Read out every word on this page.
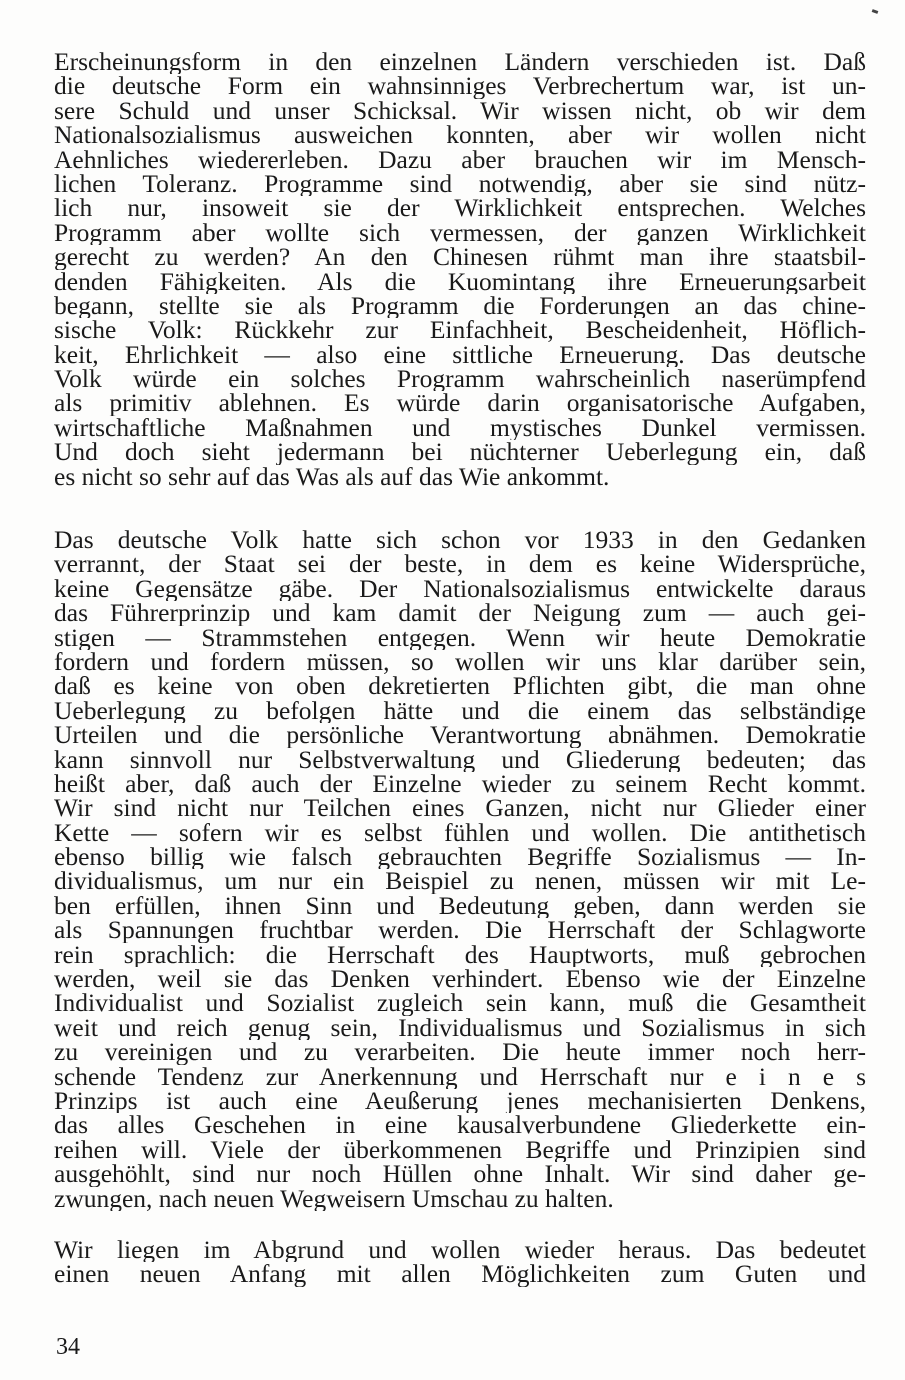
Erscheinungsform in den einzelnen Ländern verschieden ist. Daß
die deutsche Form ein wahnsinniges Verbrechertum war, ist un-
sere Schuld und unser Schicksal. Wir wissen nicht, ob wir dem
Nationalsozialismus ausweichen konnten, aber wir wollen nicht
Aehnliches wiedererleben. Dazu aber brauchen wir im Mensch-
lichen Toleranz. Programme sind notwendig, aber sie sind nütz-
lich nur, insoweit sie der Wirklichkeit entsprechen. Welches
Programm aber wollte sich vermessen, der ganzen Wirklichkeit
gerecht zu werden? An den Chinesen rühmt man ihre staatsbil-
denden Fähigkeiten. Als die Kuomintang ihre Erneuerungsarbeit
begann, stellte sie als Programm die Forderungen an das chine-
sische Volk: Rückkehr zur Einfachheit, Bescheidenheit, Höflich-
keit, Ehrlichkeit — also eine sittliche Erneuerung. Das deutsche
Volk würde ein solches Programm wahrscheinlich naserümpfend
als primitiv ablehnen. Es würde darin organisatorische Aufgaben,
wirtschaftliche Maßnahmen und mystisches Dunkel vermissen.
Und doch sieht jedermann bei nüchterner Ueberlegung ein, daß
es nicht so sehr auf das Was als auf das Wie ankommt.
Das deutsche Volk hatte sich schon vor 1933 in den Gedanken
verrannt, der Staat sei der beste, in dem es keine Widersprüche,
keine Gegensätze gäbe. Der Nationalsozialismus entwickelte daraus
das Führerprinzip und kam damit der Neigung zum — auch gei-
stigen — Strammstehen entgegen. Wenn wir heute Demokratie
fordern und fordern müssen, so wollen wir uns klar darüber sein,
daß es keine von oben dekretierten Pflichten gibt, die man ohne
Ueberlegung zu befolgen hätte und die einem das selbständige
Urteilen und die persönliche Verantwortung abnähmen. Demokratie
kann sinnvoll nur Selbstverwaltung und Gliederung bedeuten; das
heißt aber, daß auch der Einzelne wieder zu seinem Recht kommt.
Wir sind nicht nur Teilchen eines Ganzen, nicht nur Glieder einer
Kette — sofern wir es selbst fühlen und wollen. Die antithetisch
ebenso billig wie falsch gebrauchten Begriffe Sozialismus — In-
dividualismus, um nur ein Beispiel zu nenen, müssen wir mit Le-
ben erfüllen, ihnen Sinn und Bedeutung geben, dann werden sie
als Spannungen fruchtbar werden. Die Herrschaft der Schlagworte
rein sprachlich: die Herrschaft des Hauptworts, muß gebrochen
werden, weil sie das Denken verhindert. Ebenso wie der Einzelne
Individualist und Sozialist zugleich sein kann, muß die Gesamtheit
weit und reich genug sein, Individualismus und Sozialismus in sich
zu vereinigen und zu verarbeiten. Die heute immer noch herr-
schende Tendenz zur Anerkennung und Herrschaft nur e i n e s
Prinzips ist auch eine Aeußerung jenes mechanisierten Denkens,
das alles Geschehen in eine kausalverbundene Gliederkette ein-
reihen will. Viele der überkommenen Begriffe und Prinzipien sind
ausgehöhlt, sind nur noch Hüllen ohne Inhalt. Wir sind daher ge-
zwungen, nach neuen Wegweisern Umschau zu halten.
Wir liegen im Abgrund und wollen wieder heraus. Das bedeutet
einen neuen Anfang mit allen Möglichkeiten zum Guten und
34
